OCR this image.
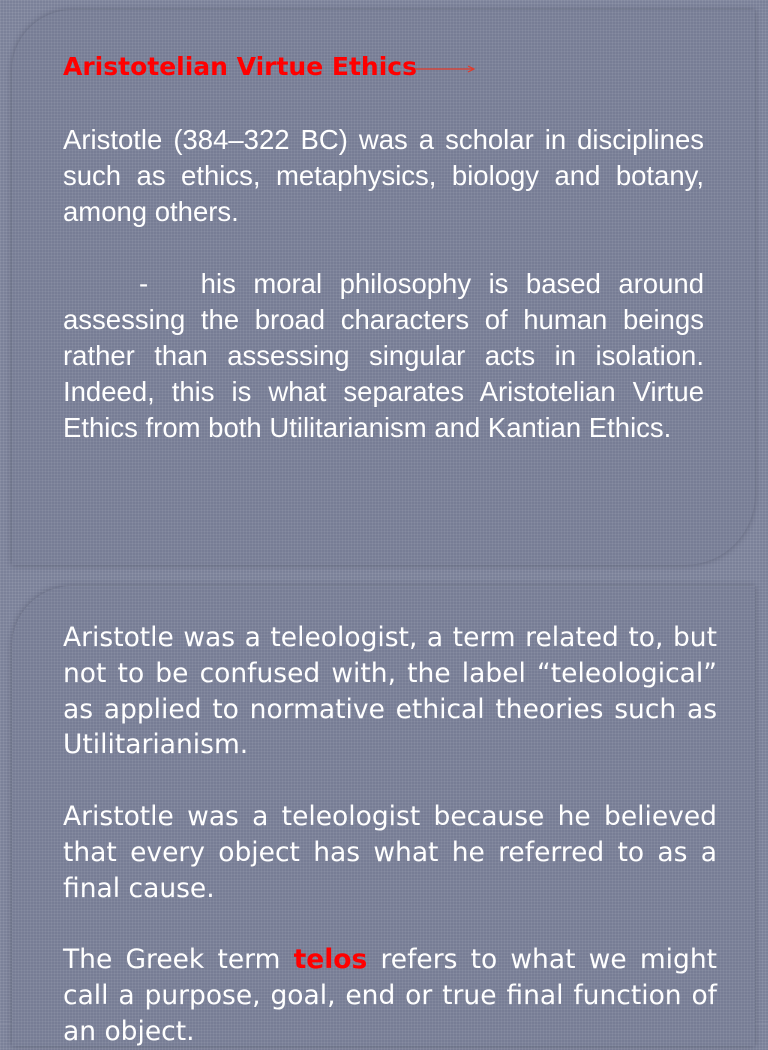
Aristotelian Virtue Ethics

Aristotle (384–322 BC) was a scholar in disciplines such as ethics, metaphysics, biology and botany, among others.

- his moral philosophy is based around assessing the broad characters of human beings rather than assessing singular acts in isolation. Indeed, this is what separates Aristotelian Virtue Ethics from both Utilitarianism and Kantian Ethics.

Aristotle was a teleologist, a term related to, but not to be confused with, the label “teleological” as applied to normative ethical theories such as Utilitarianism.

Aristotle was a teleologist because he believed that every object has what he referred to as a final cause.

The Greek term telos refers to what we might call a purpose, goal, end or true final function of an object.
